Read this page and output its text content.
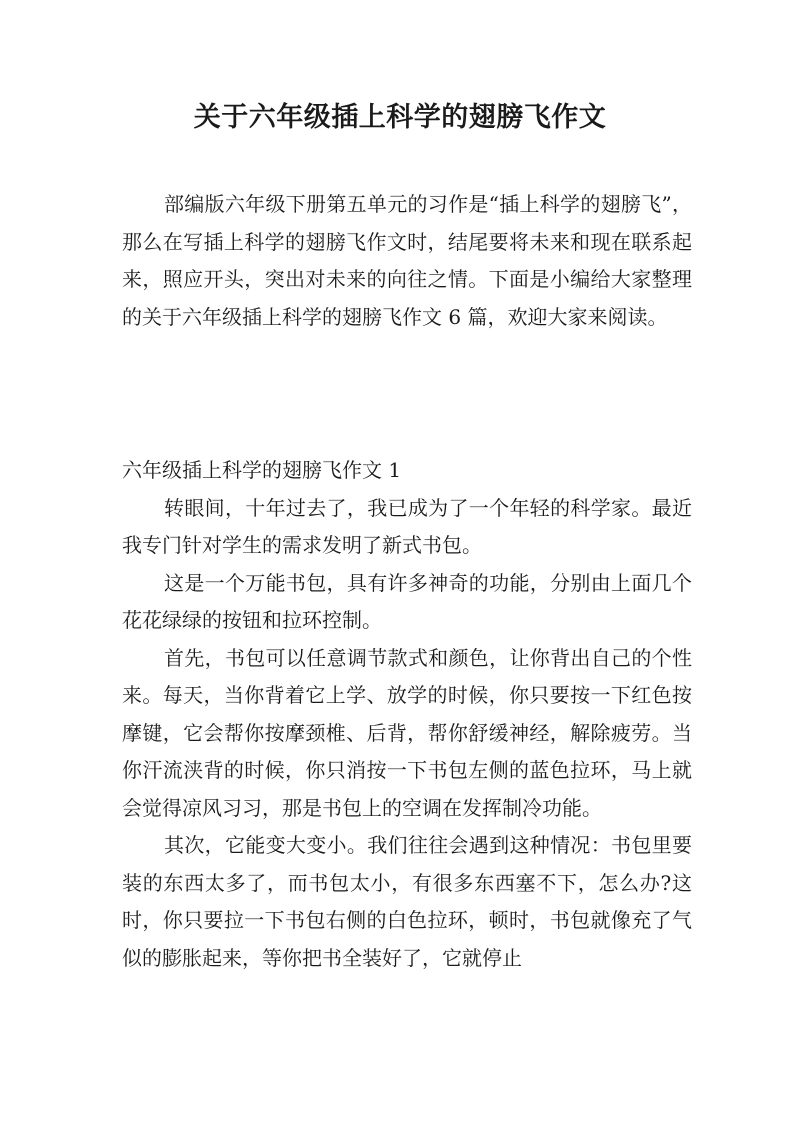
关于六年级插上科学的翅膀飞作文

部编版六年级下册第五单元的习作是“插上科学的翅膀飞”，那么在写插上科学的翅膀飞作文时，结尾要将未来和现在联系起来，照应开头，突出对未来的向往之情。下面是小编给大家整理的关于六年级插上科学的翅膀飞作文 6 篇，欢迎大家来阅读。

六年级插上科学的翅膀飞作文 1

转眼间，十年过去了，我已成为了一个年轻的科学家。最近我专门针对学生的需求发明了新式书包。

这是一个万能书包，具有许多神奇的功能，分别由上面几个花花绿绿的按钮和拉环控制。

首先，书包可以任意调节款式和颜色，让你背出自己的个性来。每天，当你背着它上学、放学的时候，你只要按一下红色按摩键，它会帮你按摩颈椎、后背，帮你舒缓神经，解除疲劳。当你汗流浃背的时候，你只消按一下书包左侧的蓝色拉环，马上就会觉得凉风习习，那是书包上的空调在发挥制冷功能。

其次，它能变大变小。我们往往会遇到这种情况：书包里要装的东西太多了，而书包太小，有很多东西塞不下，怎么办?这时，你只要拉一下书包右侧的白色拉环，顿时，书包就像充了气似的膨胀起来，等你把书全装好了，它就停止
